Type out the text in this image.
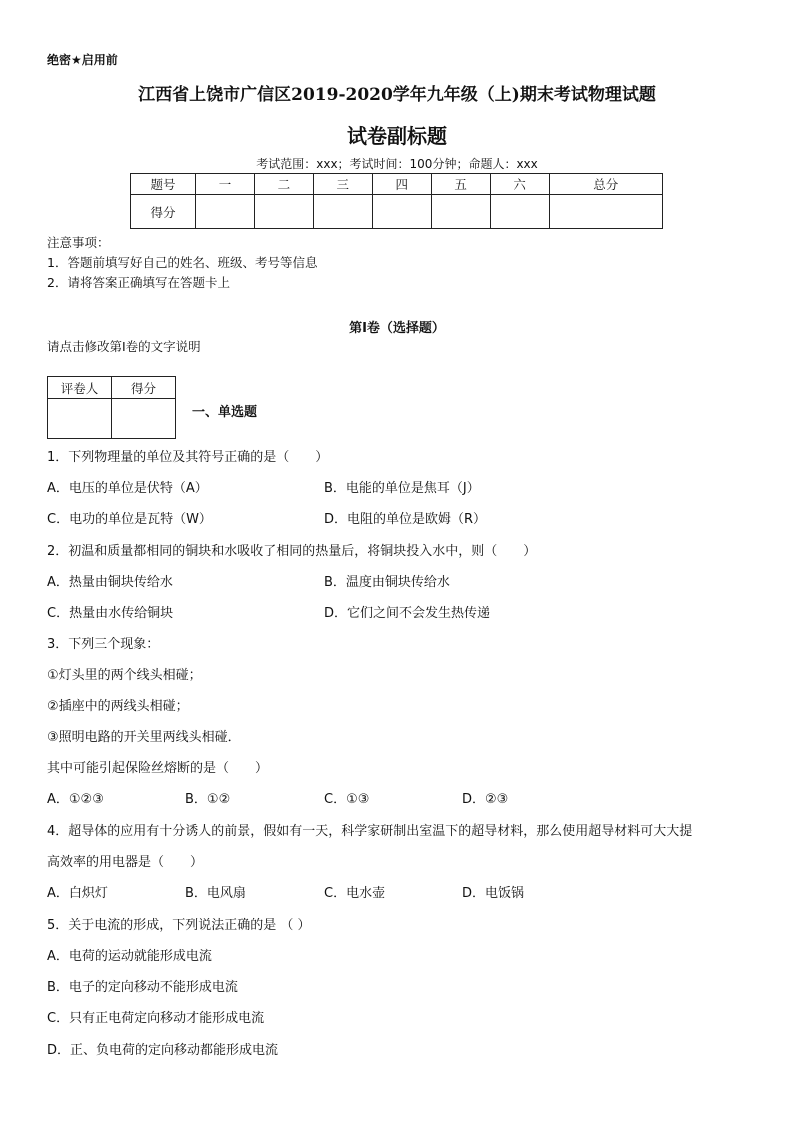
绝密★启用前
江西省上饶市广信区2019-2020学年九年级（上)期末考试物理试题
试卷副标题
考试范围：xxx；考试时间：100分钟；命题人：xxx
题号	一	二	三	四	五	六	总分
得分							
注意事项：
1．答题前填写好自己的姓名、班级、考号等信息
2．请将答案正确填写在答题卡上
第I卷（选择题）
请点击修改第I卷的文字说明
评卷人	得分

一、单选题
1．下列物理量的单位及其符号正确的是（　　）
A．电压的单位是伏特（A）	B．电能的单位是焦耳（J）
C．电功的单位是瓦特（W）	D．电阻的单位是欧姆（R）
2．初温和质量都相同的铜块和水吸收了相同的热量后，将铜块投入水中，则（　　）
A．热量由铜块传给水	B．温度由铜块传给水
C．热量由水传给铜块	D．它们之间不会发生热传递
3．下列三个现象：
①灯头里的两个线头相碰；
②插座中的两线头相碰；
③照明电路的开关里两线头相碰．
其中可能引起保险丝熔断的是（　　）
A．①②③	B．①②	C．①③	D．②③
4．超导体的应用有十分诱人的前景，假如有一天，科学家研制出室温下的超导材料，那么使用超导材料可大大提
高效率的用电器是（　　）
A．白炽灯	B．电风扇	C．电水壶	D．电饭锅
5．关于电流的形成，下列说法正确的是 （ ）
A．电荷的运动就能形成电流
B．电子的定向移动不能形成电流
C．只有正电荷定向移动才能形成电流
D．正、负电荷的定向移动都能形成电流
